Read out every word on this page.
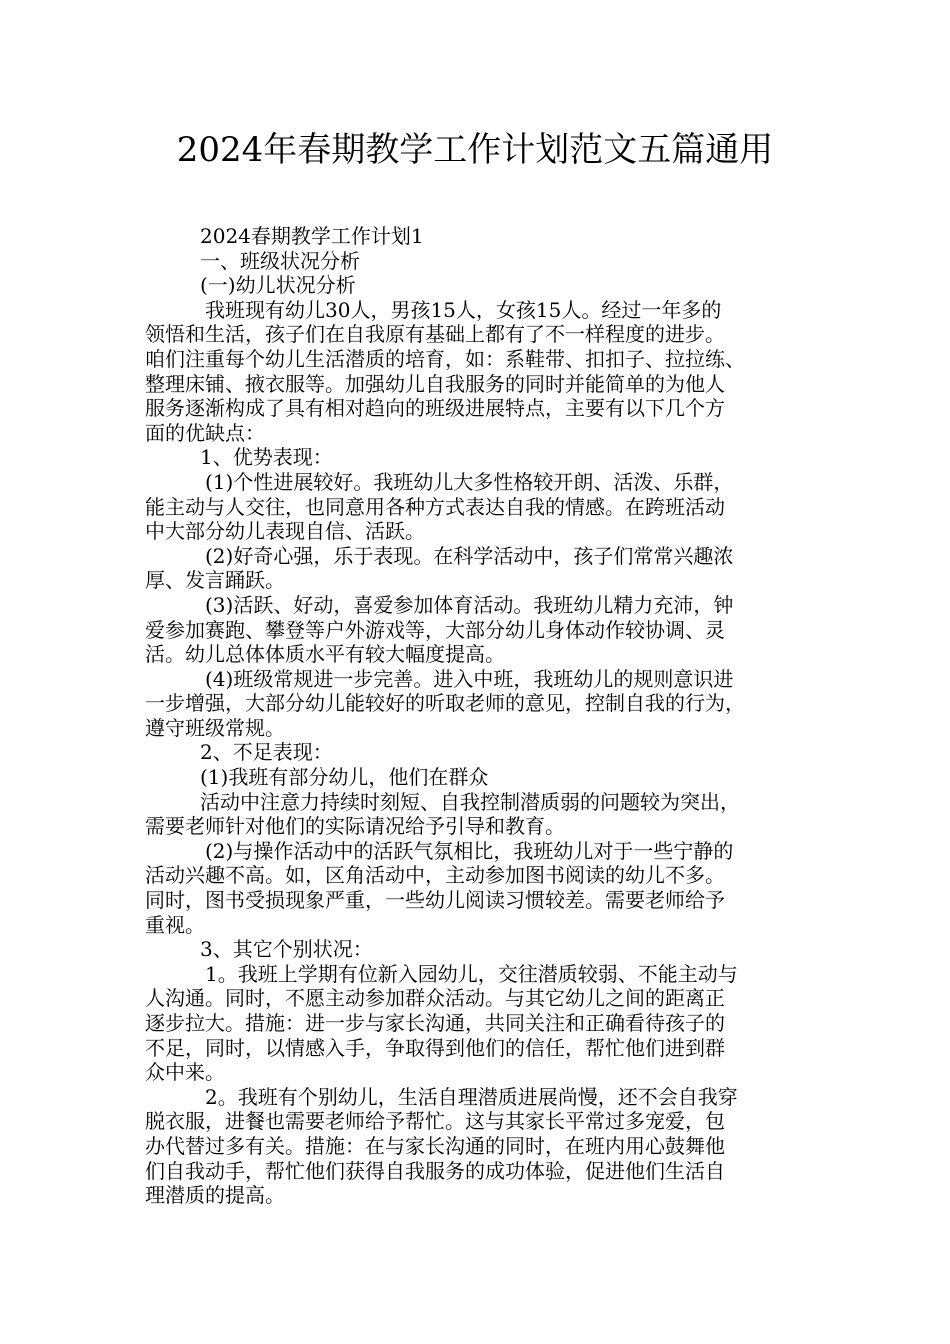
2024年春期教学工作计划范文五篇通用
2024春期教学工作计划1
一、班级状况分析
(一)幼儿状况分析
我班现有幼儿30人，男孩15人，女孩15人。经过一年多的
领悟和生活，孩子们在自我原有基础上都有了不一样程度的进步。
咱们注重每个幼儿生活潜质的培育，如：系鞋带、扣扣子、拉拉练、
整理床铺、掖衣服等。加强幼儿自我服务的同时并能简单的为他人
服务逐渐构成了具有相对趋向的班级进展特点，主要有以下几个方
面的优缺点：
1、优势表现：
(1)个性进展较好。我班幼儿大多性格较开朗、活泼、乐群，
能主动与人交往，也同意用各种方式表达自我的情感。在跨班活动
中大部分幼儿表现自信、活跃。
(2)好奇心强，乐于表现。在科学活动中，孩子们常常兴趣浓
厚、发言踊跃。
(3)活跃、好动，喜爱参加体育活动。我班幼儿精力充沛，钟
爱参加赛跑、攀登等户外游戏等，大部分幼儿身体动作较协调、灵
活。幼儿总体体质水平有较大幅度提高。
(4)班级常规进一步完善。进入中班，我班幼儿的规则意识进
一步增强，大部分幼儿能较好的听取老师的意见，控制自我的行为，
遵守班级常规。
2、不足表现：
(1)我班有部分幼儿，他们在群众
活动中注意力持续时刻短、自我控制潜质弱的问题较为突出，
需要老师针对他们的实际请况给予引导和教育。
(2)与操作活动中的活跃气氛相比，我班幼儿对于一些宁静的
活动兴趣不高。如，区角活动中，主动参加图书阅读的幼儿不多。
同时，图书受损现象严重，一些幼儿阅读习惯较差。需要老师给予
重视。
3、其它个别状况：
1。我班上学期有位新入园幼儿，交往潜质较弱、不能主动与
人沟通。同时，不愿主动参加群众活动。与其它幼儿之间的距离正
逐步拉大。措施：进一步与家长沟通，共同关注和正确看待孩子的
不足，同时，以情感入手，争取得到他们的信任，帮忙他们进到群
众中来。
2。我班有个别幼儿，生活自理潜质进展尚慢，还不会自我穿
脱衣服，进餐也需要老师给予帮忙。这与其家长平常过多宠爱，包
办代替过多有关。措施：在与家长沟通的同时，在班内用心鼓舞他
们自我动手，帮忙他们获得自我服务的成功体验，促进他们生活自
理潜质的提高。
